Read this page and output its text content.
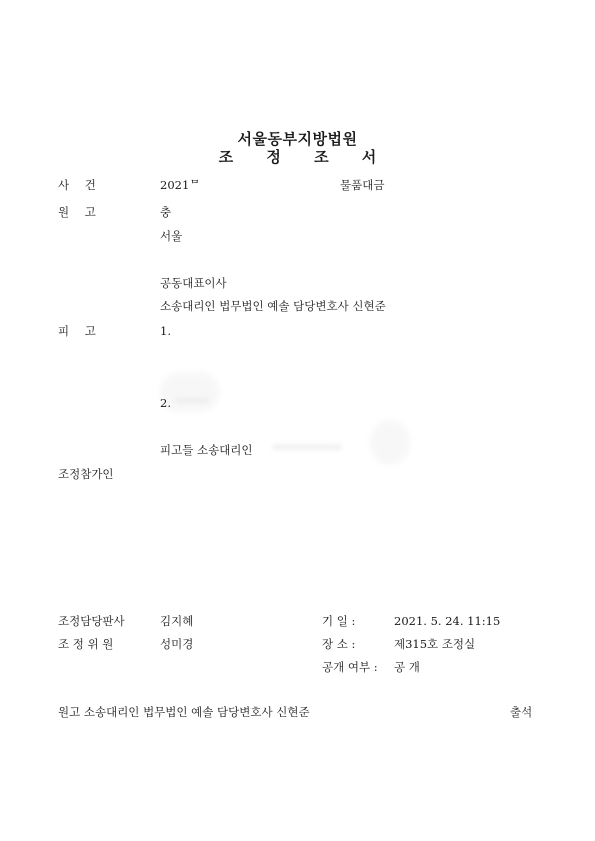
서울동부지방법원
조 정 조 서
사 건	2021ᄆ	물품대금
원 고	충
서울
공동대표이사
소송대리인 법무법인 예솔 담당변호사 신현준
피 고	1.
2.
피고들 소송대리인
조정참가인
조정담당판사	김지혜
조 정 위 원	성미경
기 일 :	2021. 5. 24. 11:15
장 소 :	제315호 조정실
공개 여부 : 공 개
원고 소송대리인 법무법인 예솔 담당변호사 신현준	출석
